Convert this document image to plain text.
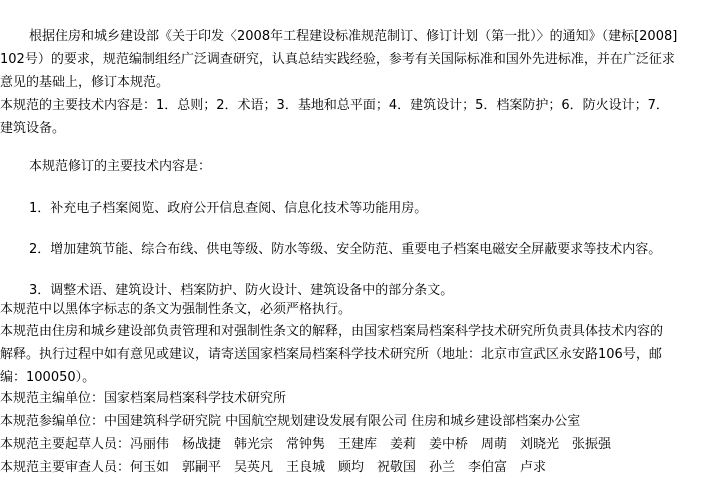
根据住房和城乡建设部《关于印发〈2008年工程建设标准规范制订、修订计划（第一批）〉的通知》（建标[2008]
102号）的要求，规范编制组经广泛调查研究，认真总结实践经验，参考有关国际标准和国外先进标准，并在广泛征求
意见的基础上，修订本规范。
本规范的主要技术内容是：1．总则；2．术语；3．基地和总平面；4．建筑设计；5．档案防护；6．防火设计；7．
建筑设备。
本规范修订的主要技术内容是：
1．补充电子档案阅览、政府公开信息查阅、信息化技术等功能用房。
2．增加建筑节能、综合布线、供电等级、防水等级、安全防范、重要电子档案电磁安全屏蔽要求等技术内容。
3．调整术语、建筑设计、档案防护、防火设计、建筑设备中的部分条文。
本规范中以黑体字标志的条文为强制性条文，必须严格执行。
本规范由住房和城乡建设部负责管理和对强制性条文的解释，由国家档案局档案科学技术研究所负责具体技术内容的
解释。执行过程中如有意见或建议，请寄送国家档案局档案科学技术研究所（地址：北京市宣武区永安路106号，邮
编：100050）。
本规范主编单位：国家档案局档案科学技术研究所
本规范参编单位：中国建筑科学研究院 中国航空规划建设发展有限公司 住房和城乡建设部档案办公室
本规范主要起草人员：冯丽伟　杨战捷　韩光宗　常钟隽　王建库　姜莉　姜中桥　周萌　刘晓光　张振强
本规范主要审查人员：何玉如　郭嗣平　吴英凡　王良城　顾均　祝敬国　孙兰　李伯富　卢求
